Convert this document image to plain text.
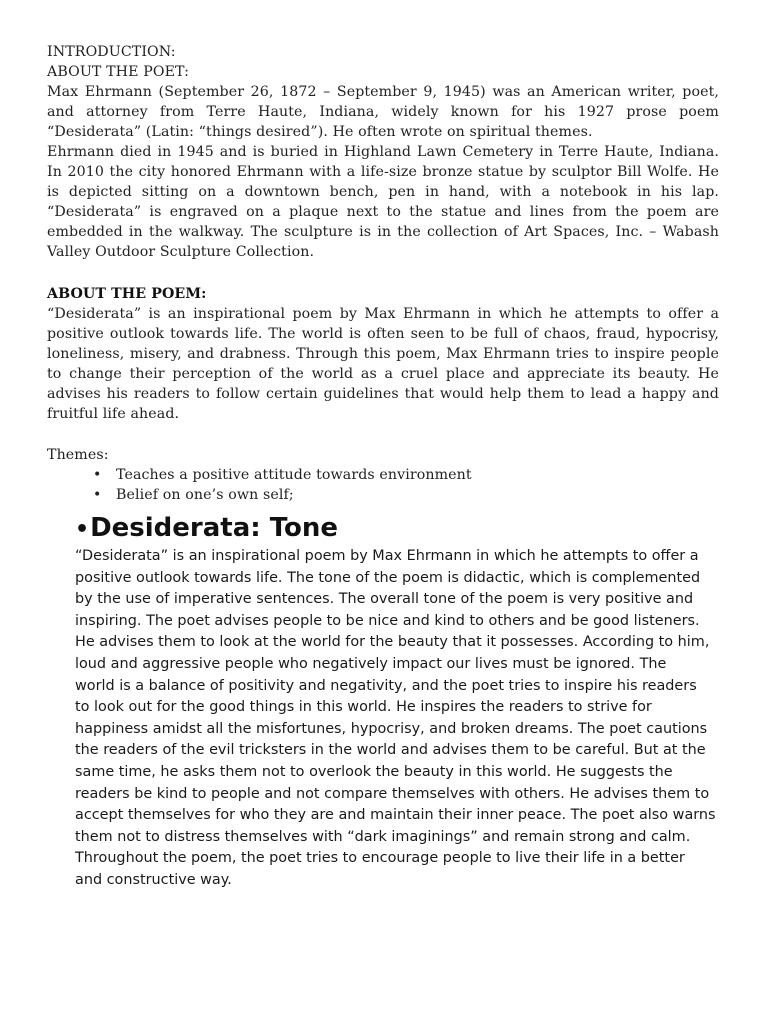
INTRODUCTION:
ABOUT THE POET:

Max Ehrmann (September 26, 1872 – September 9, 1945) was an American writer, poet, and attorney from Terre Haute, Indiana, widely known for his 1927 prose poem “Desiderata” (Latin: “things desired”). He often wrote on spiritual themes.

Ehrmann died in 1945 and is buried in Highland Lawn Cemetery in Terre Haute, Indiana. In 2010 the city honored Ehrmann with a life-size bronze statue by sculptor Bill Wolfe. He is depicted sitting on a downtown bench, pen in hand, with a notebook in his lap. “Desiderata” is engraved on a plaque next to the statue and lines from the poem are embedded in the walkway. The sculpture is in the collection of Art Spaces, Inc. – Wabash Valley Outdoor Sculpture Collection.

ABOUT THE POEM:

“Desiderata” is an inspirational poem by Max Ehrmann in which he attempts to offer a positive outlook towards life. The world is often seen to be full of chaos, fraud, hypocrisy, loneliness, misery, and drabness. Through this poem, Max Ehrmann tries to inspire people to change their perception of the world as a cruel place and appreciate its beauty. He advises his readers to follow certain guidelines that would help them to lead a happy and fruitful life ahead.

Themes:
• Teaches a positive attitude towards environment
• Belief on one’s own self;
•Desiderata: Tone
“Desiderata” is an inspirational poem by Max Ehrmann in which he attempts to offer a
positive outlook towards life. The tone of the poem is didactic, which is complemented
by the use of imperative sentences. The overall tone of the poem is very positive and
inspiring. The poet advises people to be nice and kind to others and be good listeners.
He advises them to look at the world for the beauty that it possesses. According to him,
loud and aggressive people who negatively impact our lives must be ignored. The
world is a balance of positivity and negativity, and the poet tries to inspire his readers
to look out for the good things in this world. He inspires the readers to strive for
happiness amidst all the misfortunes, hypocrisy, and broken dreams. The poet cautions
the readers of the evil tricksters in the world and advises them to be careful. But at the
same time, he asks them not to overlook the beauty in this world. He suggests the
readers be kind to people and not compare themselves with others. He advises them to
accept themselves for who they are and maintain their inner peace. The poet also warns
them not to distress themselves with “dark imaginings” and remain strong and calm.
Throughout the poem, the poet tries to encourage people to live their life in a better
and constructive way.
